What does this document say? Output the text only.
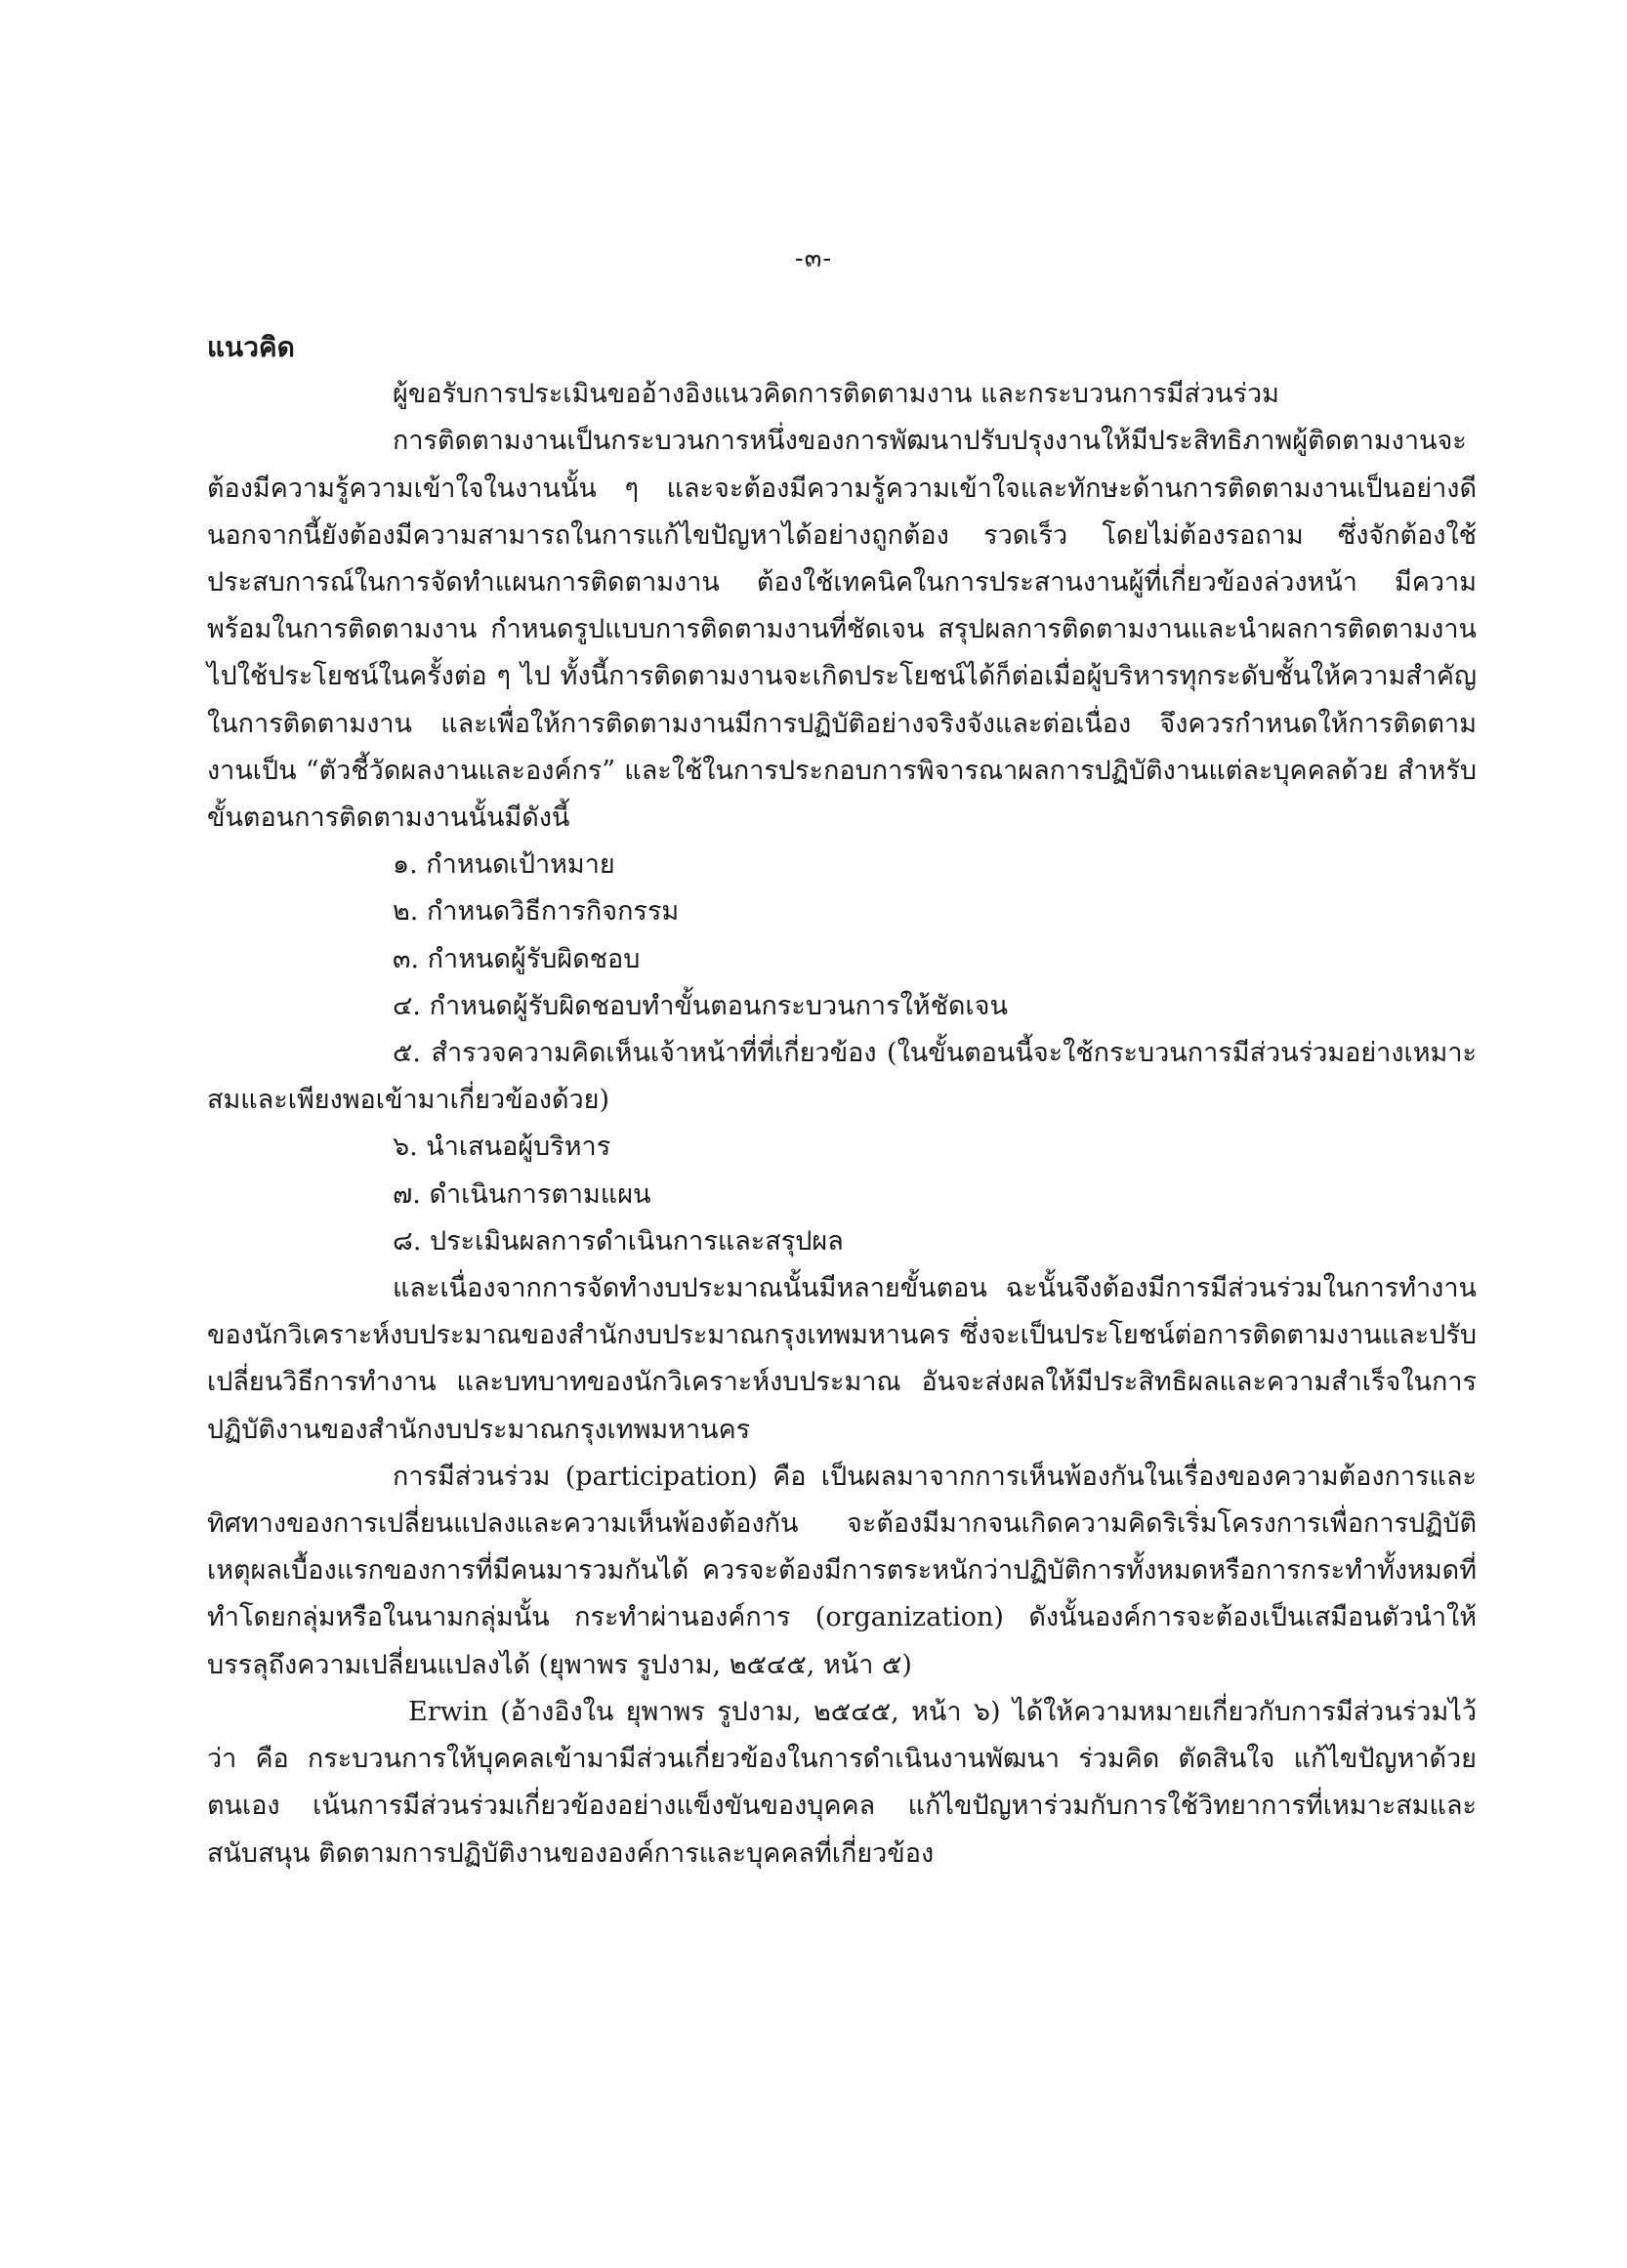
-๓-

แนวคิด

ผู้ขอรับการประเมินขออ้างอิงแนวคิดการติดตามงาน และกระบวนการมีส่วนร่วม

การติดตามงานเป็นกระบวนการหนึ่งของการพัฒนาปรับปรุงงานให้มีประสิทธิภาพผู้ติดตามงานจะต้องมีความรู้ความเข้าใจในงานนั้น ๆ และจะต้องมีความรู้ความเข้าใจและทักษะด้านการติดตามงานเป็นอย่างดี นอกจากนี้ยังต้องมีความสามารถในการแก้ไขปัญหาได้อย่างถูกต้อง รวดเร็ว โดยไม่ต้องรอถาม ซึ่งจักต้องใช้ประสบการณ์ในการจัดทำแผนการติดตามงาน ต้องใช้เทคนิคในการประสานงานผู้ที่เกี่ยวข้องล่วงหน้า มีความพร้อมในการติดตามงาน กำหนดรูปแบบการติดตามงานที่ชัดเจน สรุปผลการติดตามงานและนำผลการติดตามงานไปใช้ประโยชน์ในครั้งต่อ ๆ ไป ทั้งนี้การติดตามงานจะเกิดประโยชน์ได้ก็ต่อเมื่อผู้บริหารทุกระดับชั้นให้ความสำคัญในการติดตามงาน และเพื่อให้การติดตามงานมีการปฏิบัติอย่างจริงจังและต่อเนื่อง จึงควรกำหนดให้การติดตามงานเป็น “ตัวชี้วัดผลงานและองค์กร” และใช้ในการประกอบการพิจารณาผลการปฏิบัติงานแต่ละบุคคลด้วย สำหรับขั้นตอนการติดตามงานนั้นมีดังนี้

๑. กำหนดเป้าหมาย

๒. กำหนดวิธีการกิจกรรม

๓. กำหนดผู้รับผิดชอบ

๔. กำหนดผู้รับผิดชอบทำขั้นตอนกระบวนการให้ชัดเจน

๕. สำรวจความคิดเห็นเจ้าหน้าที่ที่เกี่ยวข้อง (ในขั้นตอนนี้จะใช้กระบวนการมีส่วนร่วมอย่างเหมาะสมและเพียงพอเข้ามาเกี่ยวข้องด้วย)

๖. นำเสนอผู้บริหาร

๗. ดำเนินการตามแผน

๘. ประเมินผลการดำเนินการและสรุปผล

และเนื่องจากการจัดทำงบประมาณนั้นมีหลายขั้นตอน ฉะนั้นจึงต้องมีการมีส่วนร่วมในการทำงานของนักวิเคราะห์งบประมาณของสำนักงบประมาณกรุงเทพมหานคร ซึ่งจะเป็นประโยชน์ต่อการติดตามงานและปรับเปลี่ยนวิธีการทำงาน และบทบาทของนักวิเคราะห์งบประมาณ อันจะส่งผลให้มีประสิทธิผลและความสำเร็จในการปฏิบัติงานของสำนักงบประมาณกรุงเทพมหานคร

การมีส่วนร่วม (participation) คือ เป็นผลมาจากการเห็นพ้องกันในเรื่องของความต้องการและทิศทางของการเปลี่ยนแปลงและความเห็นพ้องต้องกัน จะต้องมีมากจนเกิดความคิดริเริ่มโครงการเพื่อการปฏิบัติ เหตุผลเบื้องแรกของการที่มีคนมารวมกันได้ ควรจะต้องมีการตระหนักว่าปฏิบัติการทั้งหมดหรือการกระทำทั้งหมดที่ทำโดยกลุ่มหรือในนามกลุ่มนั้น กระทำผ่านองค์การ (organization) ดังนั้นองค์การจะต้องเป็นเสมือนตัวนำให้บรรลุถึงความเปลี่ยนแปลงได้ (ยุพาพร รูปงาม, ๒๕๔๕, หน้า ๕)

Erwin (อ้างอิงใน ยุพาพร รูปงาม, ๒๕๔๕, หน้า ๖) ได้ให้ความหมายเกี่ยวกับการมีส่วนร่วมไว้ว่า คือ กระบวนการให้บุคคลเข้ามามีส่วนเกี่ยวข้องในการดำเนินงานพัฒนา ร่วมคิด ตัดสินใจ แก้ไขปัญหาด้วยตนเอง เน้นการมีส่วนร่วมเกี่ยวข้องอย่างแข็งขันของบุคคล แก้ไขปัญหาร่วมกับการใช้วิทยาการที่เหมาะสมและสนับสนุน ติดตามการปฏิบัติงานขององค์การและบุคคลที่เกี่ยวข้อง
